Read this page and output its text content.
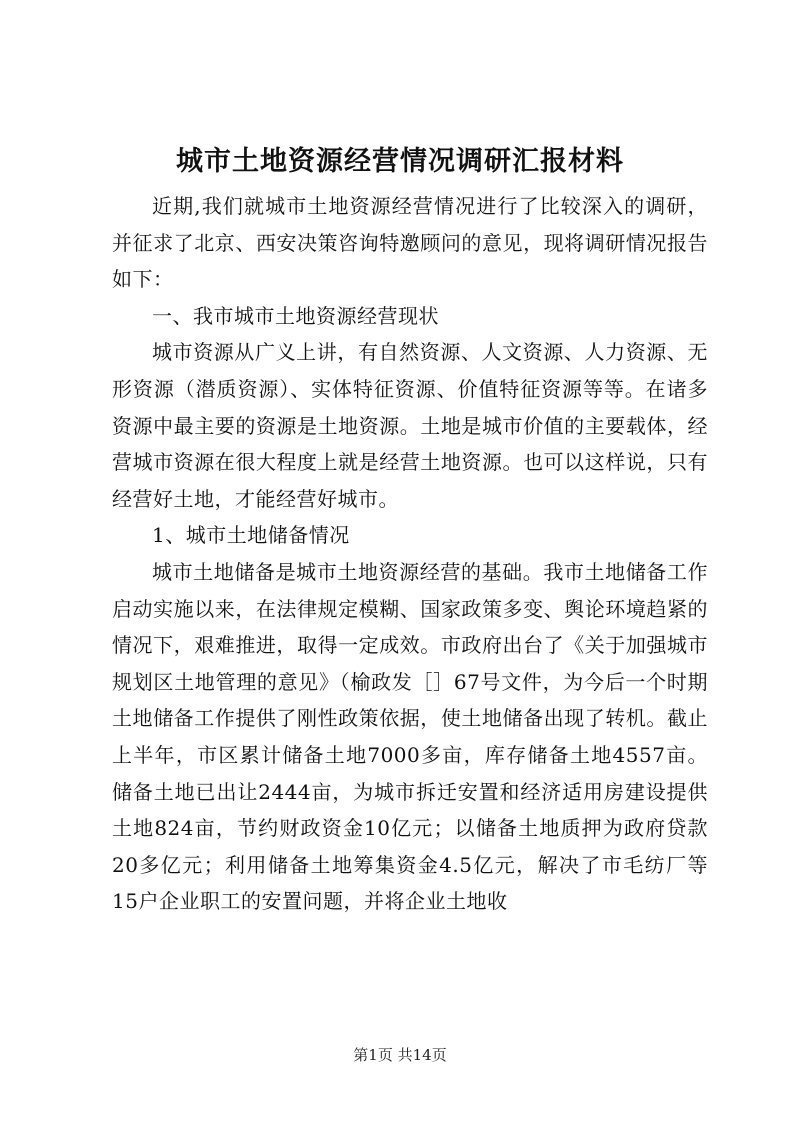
城市土地资源经营情况调研汇报材料

近期,我们就城市土地资源经营情况进行了比较深入的调研，并征求了北京、西安决策咨询特邀顾问的意见，现将调研情况报告如下：

一、我市城市土地资源经营现状

城市资源从广义上讲，有自然资源、人文资源、人力资源、无形资源（潜质资源）、实体特征资源、价值特征资源等等。在诸多资源中最主要的资源是土地资源。土地是城市价值的主要载体，经营城市资源在很大程度上就是经营土地资源。也可以这样说，只有经营好土地，才能经营好城市。

1、城市土地储备情况

城市土地储备是城市土地资源经营的基础。我市土地储备工作启动实施以来，在法律规定模糊、国家政策多变、舆论环境趋紧的情况下，艰难推进，取得一定成效。市政府出台了《关于加强城市规划区土地管理的意见》（榆政发［］67号文件，为今后一个时期土地储备工作提供了刚性政策依据，使土地储备出现了转机。截止上半年，市区累计储备土地7000多亩，库存储备土地4557亩。储备土地已出让2444亩，为城市拆迁安置和经济适用房建设提供土地824亩，节约财政资金10亿元；以储备土地质押为政府贷款20多亿元；利用储备土地筹集资金4.5亿元，解决了市毛纺厂等15户企业职工的安置问题，并将企业土地收

第1页 共14页
